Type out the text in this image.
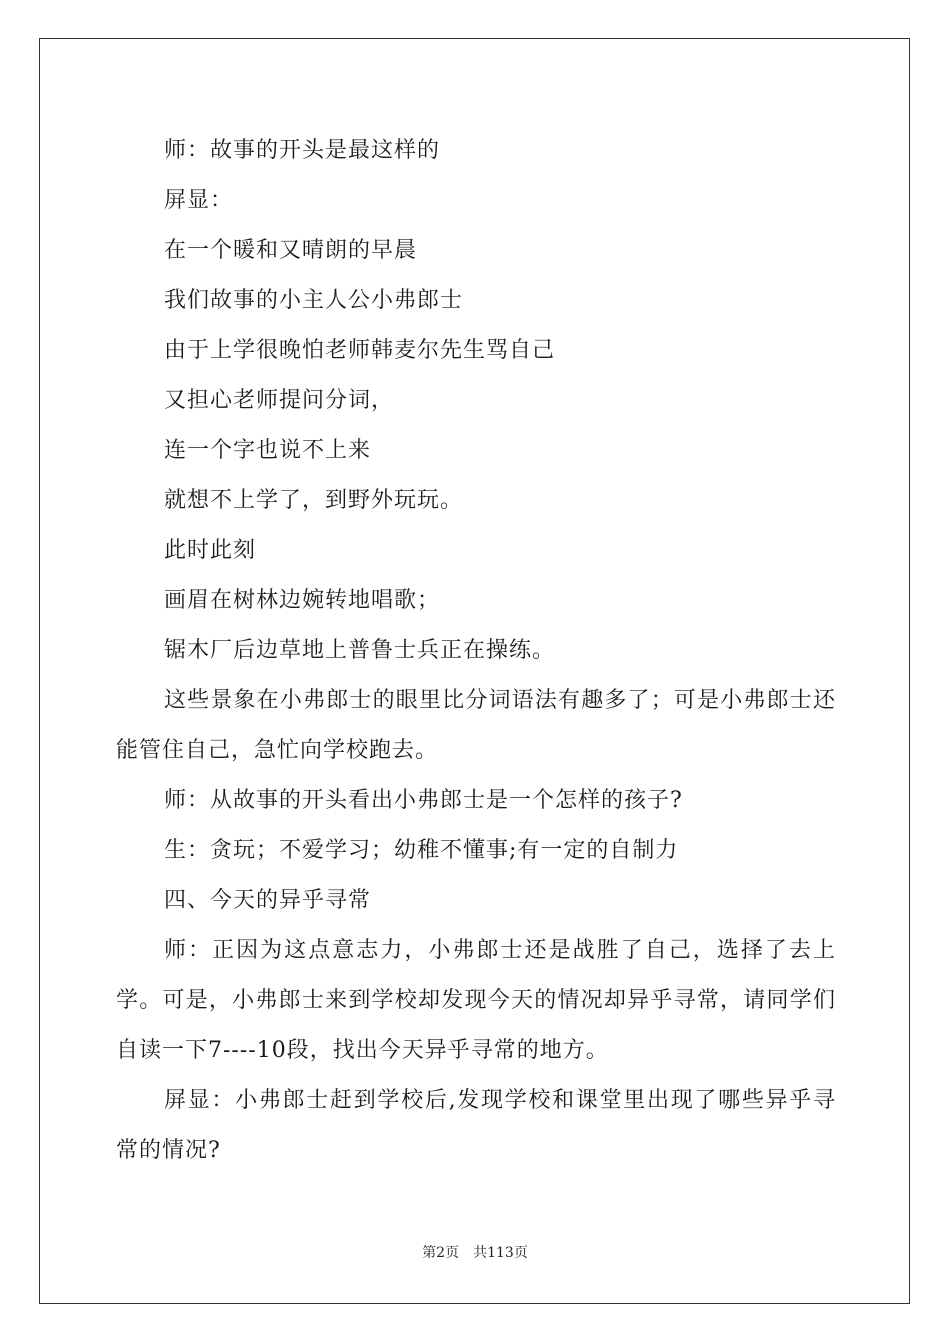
师：故事的开头是最这样的

屏显：

在一个暖和又晴朗的早晨

我们故事的小主人公小弗郎士

由于上学很晚怕老师韩麦尔先生骂自己

又担心老师提问分词，

连一个字也说不上来

就想不上学了，到野外玩玩。

此时此刻

画眉在树林边婉转地唱歌；

锯木厂后边草地上普鲁士兵正在操练。

这些景象在小弗郎士的眼里比分词语法有趣多了；可是小弗郎士还能管住自己，急忙向学校跑去。

师：从故事的开头看出小弗郎士是一个怎样的孩子?

生：贪玩；不爱学习；幼稚不懂事;有一定的自制力

四、今天的异乎寻常

师：正因为这点意志力，小弗郎士还是战胜了自己，选择了去上学。可是，小弗郎士来到学校却发现今天的情况却异乎寻常，请同学们自读一下7----10段，找出今天异乎寻常的地方。

屏显：小弗郎士赶到学校后,发现学校和课堂里出现了哪些异乎寻常的情况?

第2页 共113页
